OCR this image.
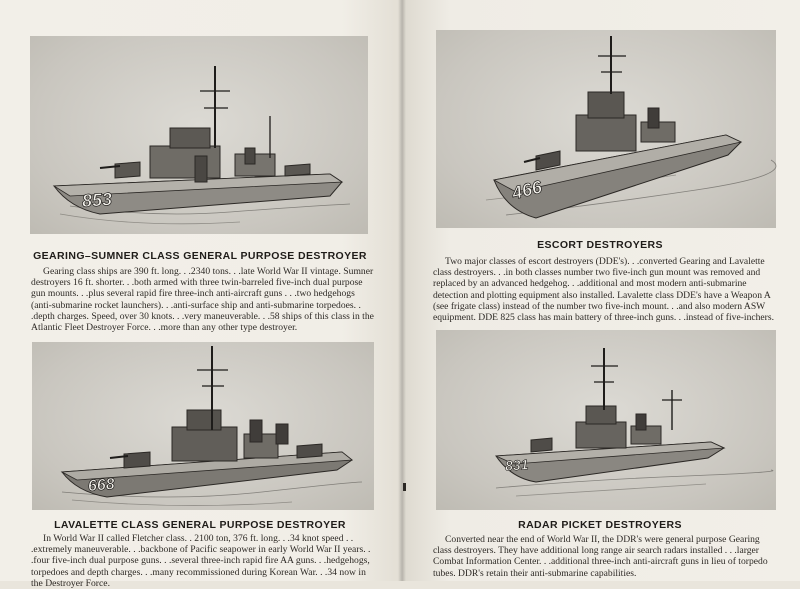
853
GEARING–SUMNER CLASS GENERAL PURPOSE DESTROYER

Gearing class ships are 390 ft. long. . .2340 tons. . .late World War II vintage. Sumner destroyers 16 ft. shorter. . .both armed with three twin-barreled five-inch dual purpose gun mounts. . .plus several rapid fire three-inch anti-aircraft guns . . .two hedgehogs (anti-submarine rocket launchers). . .anti-surface ship and anti-submarine torpedoes. . .depth charges. Speed, over 30 knots. . .very maneuverable. . .58 ships of this class in the Atlantic Fleet Destroyer Force. . .more than any other type destroyer.

668
LAVALETTE CLASS GENERAL PURPOSE DESTROYER

In World War II called Fletcher class. . 2100 ton, 376 ft. long. . .34 knot speed . . .extremely maneuverable. . .backbone of Pacific seapower in early World War II years. . .four five-inch dual purpose guns. . .several three-inch rapid fire AA guns. . .hedgehogs, torpedoes and depth charges. . .many recommissioned during Korean War. . .34 now in the Destroyer Force.

466
ESCORT DESTROYERS

Two major classes of escort destroyers (DDE's). . .converted Gearing and Lavalette class destroyers. . .in both classes number two five-inch gun mount was removed and replaced by an advanced hedgehog. . .additional and most modern anti-submarine detection and plotting equipment also installed. Lavalette class DDE's have a Weapon A (see frigate class) instead of the number two five-inch mount. . .and also modern ASW equipment. DDE 825 class has main battery of three-inch guns. . .instead of five-inchers.

831
RADAR PICKET DESTROYERS

Converted near the end of World War II, the DDR's were general purpose Gearing class destroyers. They have additional long range air search radars installed . . .larger Combat Information Center. . .additional three-inch anti-aircraft guns in lieu of torpedo tubes. DDR's retain their anti-submarine capabilities.
